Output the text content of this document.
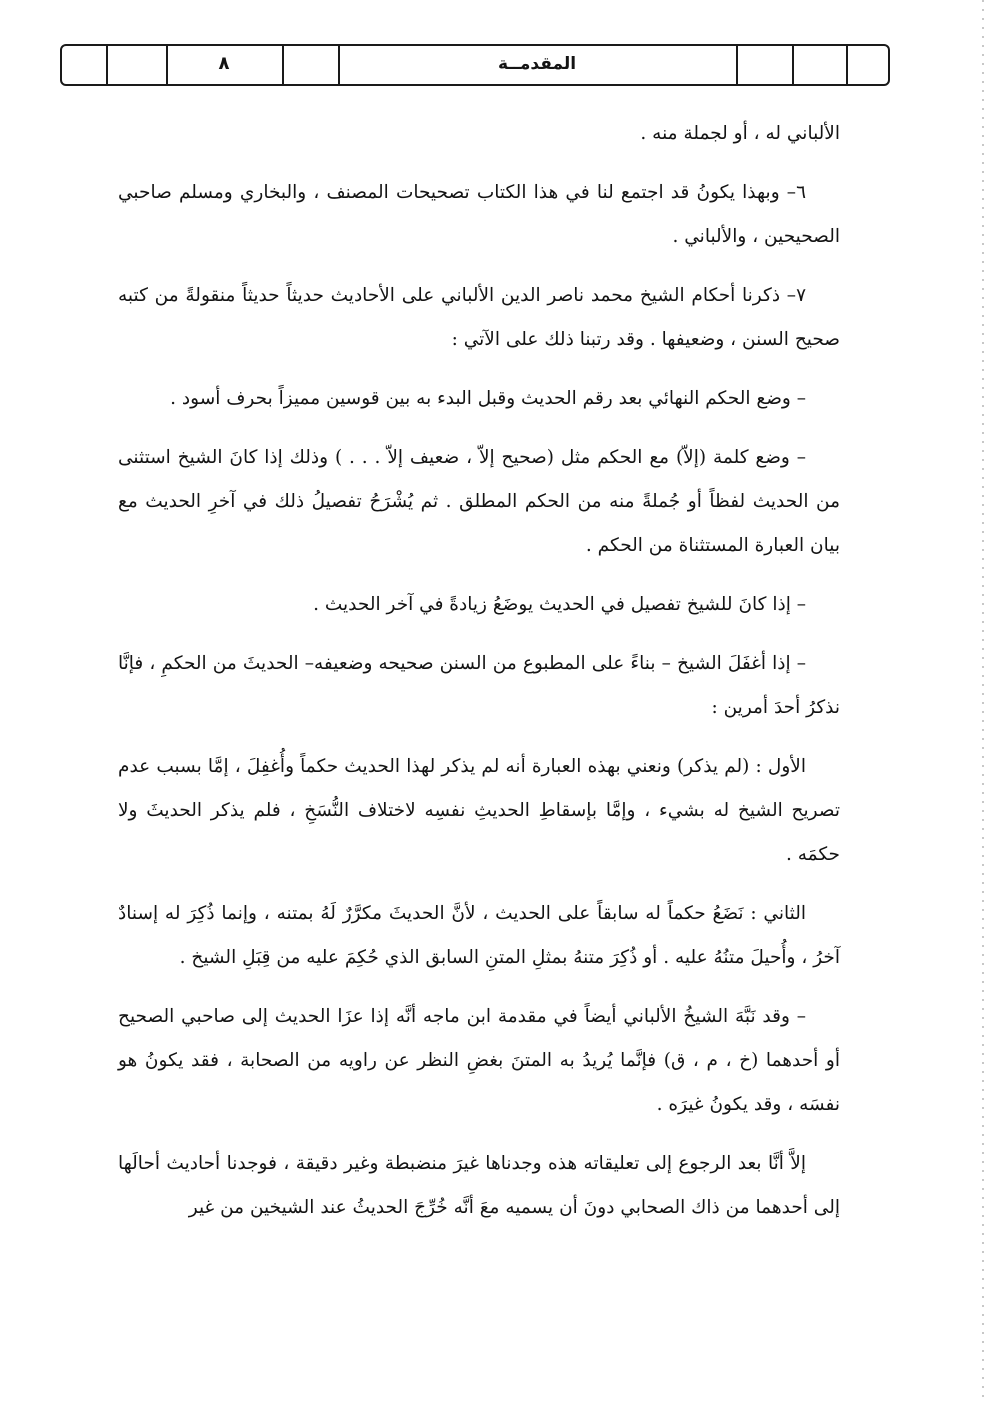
المقدمــة
٨

الألباني له ، أو لجملة منه .

٦– وبهذا يكونُ قد اجتمع لنا في هذا الكتاب تصحيحات المصنف ، والبخاري ومسلم صاحبي الصحيحين ، والألباني .

٧– ذكرنا أحكام الشيخ محمد ناصر الدين الألباني على الأحاديث حديثاً حديثاً منقولةً من كتبه صحيح السنن ، وضعيفها . وقد رتبنا ذلك على الآتي :

– وضع الحكم النهائي بعد رقم الحديث وقبل البدء به بين قوسين مميزاً بحرف أسود .

– وضع كلمة (إلاّ) مع الحكم مثل (صحيح إلاّ ، ضعيف إلاّ . . . ) وذلك إذا كانَ الشيخ استثنى من الحديث لفظاً أو جُملةً منه من الحكم المطلق . ثم يُشْرَحُ تفصيلُ ذلك في آخرِ الحديث مع بيان العبارة المستثناة من الحكم .

– إذا كانَ للشيخ تفصيل في الحديث يوضَعُ زيادةً في آخر الحديث .

– إذا أغفَلَ الشيخ – بناءً على المطبوع من السنن صحيحه وضعيفه– الحديثَ من الحكمِ ، فإنَّا نذكرُ أحدَ أمرين :

الأول : (لم يذكر) ونعني بهذه العبارة أنه لم يذكر لهذا الحديث حكماً وأُغفِلَ ، إمَّا بسبب عدم تصريح الشيخ له بشيء ، وإمَّا بإسقاطِ الحديثِ نفسِه لاختلاف النُّسَخِ ، فلم يذكر الحديثَ ولا حكمَه .

الثاني : نَضَعُ حكماً له سابقاً على الحديث ، لأنَّ الحديثَ مكرَّرٌ لَهُ بمتنه ، وإنما ذُكِرَ له إسنادٌ آخرُ ، وأُحيلَ متنُهُ عليه . أو ذُكِرَ متنهُ بمثلِ المتنِ السابق الذي حُكِمَ عليه من قِبَلِ الشيخ .

– وقد نَبَّهَ الشيخُ الألباني أيضاً في مقدمة ابن ماجه أنَّه إذا عزَا الحديث إلى صاحبي الصحيح أو أحدهما (خ ، م ، ق) فإنَّما يُريدُ به المتنَ بغضِ النظر عن راويه من الصحابة ، فقد يكونُ هو نفسَه ، وقد يكونُ غيرَه .

إلاَّ أنَّا بعد الرجوع إلى تعليقاته هذه وجدناها غيرَ منضبطة وغير دقيقة ، فوجدنا أحاديث أحالَها إلى أحدهما من ذاك الصحابي دونَ أن يسميه معَ أنَّه خُرِّجَ الحديثُ عند الشيخين من غير
